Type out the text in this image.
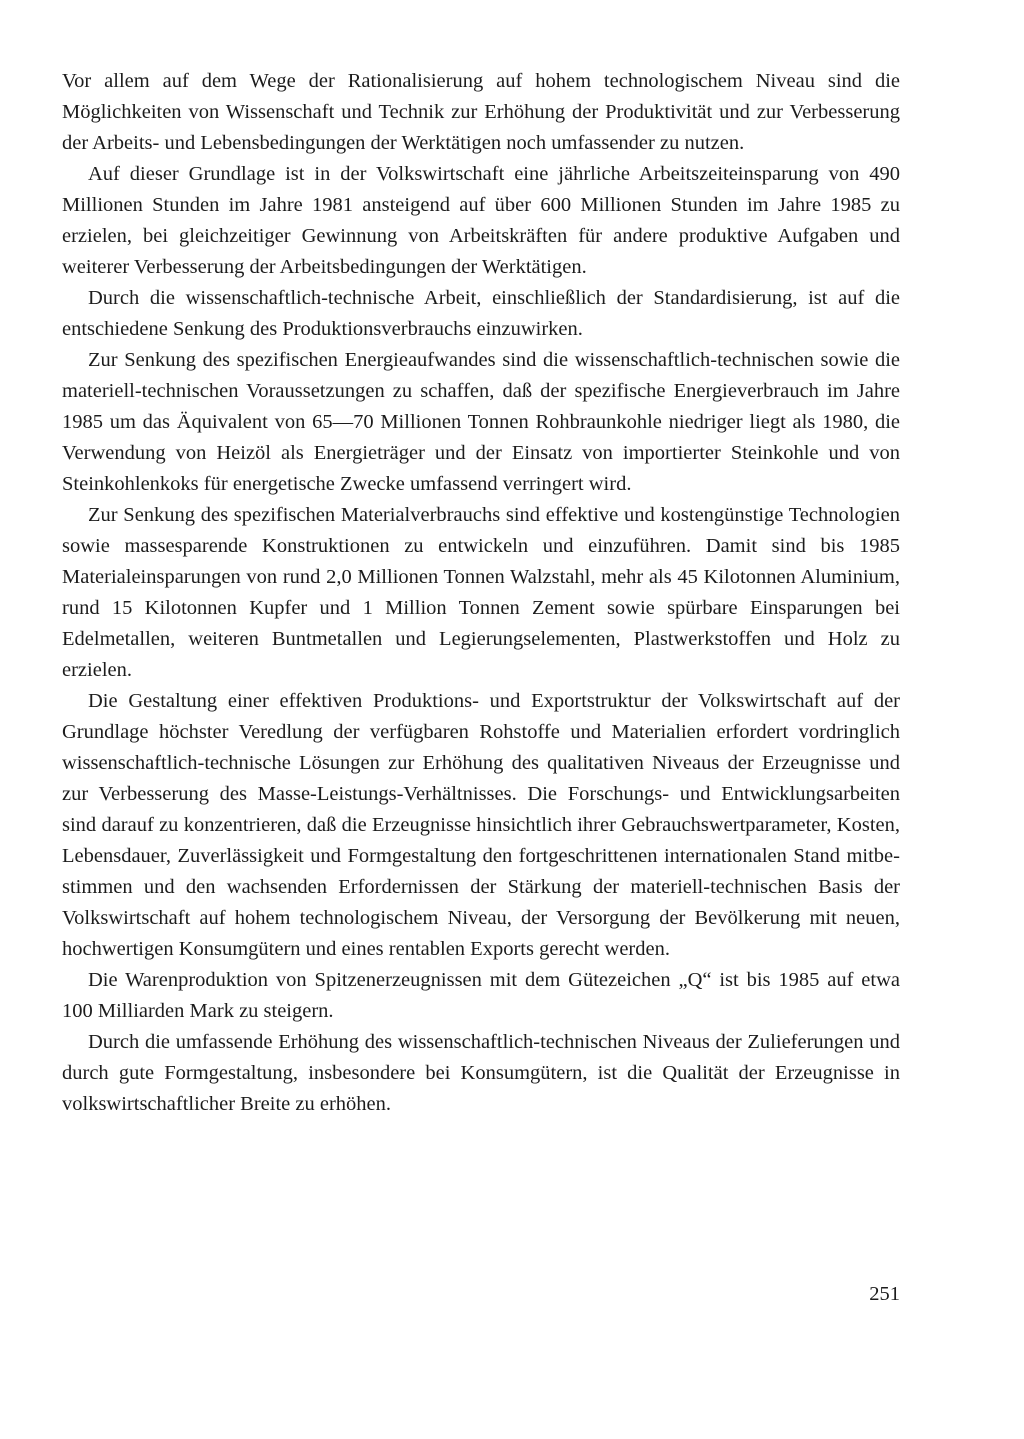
Vor allem auf dem Wege der Rationalisierung auf hohem technologischem Niveau sind die Möglichkeiten von Wissenschaft und Technik zur Erhöhung der Produktivität und zur Verbesserung der Arbeits- und Lebensbedingungen der Werktätigen noch umfassender zu nutzen.

Auf dieser Grundlage ist in der Volkswirtschaft eine jährliche Arbeitszeiteinsparung von 490 Millionen Stunden im Jahre 1981 ansteigend auf über 600 Millionen Stunden im Jahre 1985 zu erzielen, bei gleichzeitiger Gewinnung von Arbeitskräften für andere produktive Aufgaben und weiterer Verbesserung der Arbeitsbedingungen der Werktätigen.

Durch die wissenschaftlich-technische Arbeit, einschließlich der Standardisierung, ist auf die entschiedene Senkung des Produktionsverbrauchs einzuwirken.

Zur Senkung des spezifischen Energieaufwandes sind die wissenschaftlich-technischen sowie die materiell-technischen Voraussetzungen zu schaffen, daß der spezifische Energieverbrauch im Jahre 1985 um das Äquivalent von 65—70 Millionen Tonnen Rohbraunkohle niedriger liegt als 1980, die Verwendung von Heizöl als Energieträger und der Einsatz von importierter Steinkohle und von Steinkohlenkoks für energetische Zwecke umfassend verringert wird.

Zur Senkung des spezifischen Materialverbrauchs sind effektive und kostengünstige Technologien sowie massesparende Konstruktionen zu entwickeln und einzuführen. Damit sind bis 1985 Materialeinsparungen von rund 2,0 Millionen Tonnen Walzstahl, mehr als 45 Kilotonnen Aluminium, rund 15 Kilotonnen Kupfer und 1 Million Tonnen Zement sowie spürbare Einsparungen bei Edelmetallen, weiteren Buntmetallen und Legierungselementen, Plastwerkstoffen und Holz zu erzielen.

Die Gestaltung einer effektiven Produktions- und Exportstruktur der Volkswirtschaft auf der Grundlage höchster Veredlung der verfügbaren Rohstoffe und Materialien erfordert vordringlich wissenschaftlich-technische Lösungen zur Erhöhung des qualitativen Niveaus der Erzeugnisse und zur Verbesserung des Masse-Leistungs-Verhältnisses. Die Forschungs- und Entwicklungsarbeiten sind darauf zu konzentrieren, daß die Erzeugnisse hinsichtlich ihrer Gebrauchswertparameter, Kosten, Lebensdauer, Zuverlässigkeit und Formgestaltung den fortgeschrittenen internationalen Stand mitbestimmen und den wachsenden Erfordernissen der Stärkung der materiell-technischen Basis der Volkswirtschaft auf hohem technologischem Niveau, der Versorgung der Bevölkerung mit neuen, hochwertigen Konsumgütern und eines rentablen Exports gerecht werden.

Die Warenproduktion von Spitzenerzeugnissen mit dem Gütezeichen „Q“ ist bis 1985 auf etwa 100 Milliarden Mark zu steigern.

Durch die umfassende Erhöhung des wissenschaftlich-technischen Niveaus der Zulieferungen und durch gute Formgestaltung, insbesondere bei Konsumgütern, ist die Qualität der Erzeugnisse in volkswirtschaftlicher Breite zu erhöhen.

251
